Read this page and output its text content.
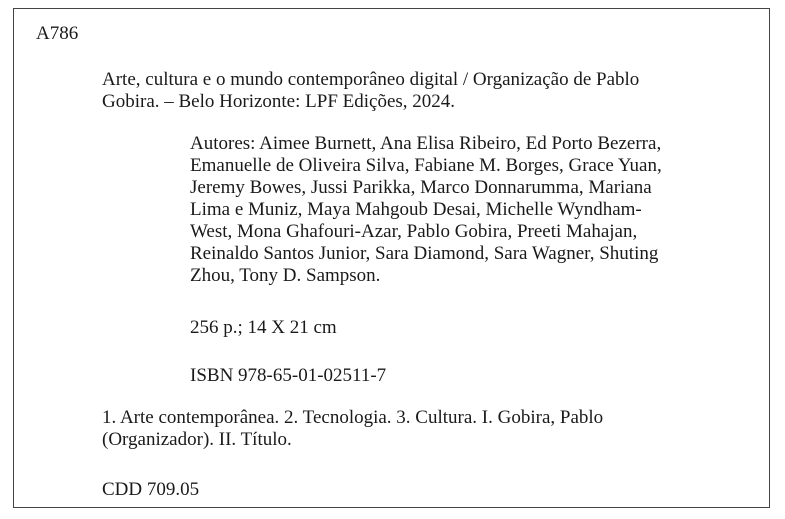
A786
Arte, cultura e o mundo contemporâneo digital / Organização de Pablo
Gobira. – Belo Horizonte: LPF Edições, 2024.
Autores: Aimee Burnett, Ana Elisa Ribeiro, Ed Porto Bezerra,
Emanuelle de Oliveira Silva, Fabiane M. Borges, Grace Yuan,
Jeremy Bowes, Jussi Parikka, Marco Donnarumma, Mariana
Lima e Muniz, Maya Mahgoub Desai, Michelle Wyndham-
West, Mona Ghafouri-Azar, Pablo Gobira, Preeti Mahajan,
Reinaldo Santos Junior, Sara Diamond, Sara Wagner, Shuting
Zhou, Tony D. Sampson.
256 p.; 14 X 21 cm
ISBN 978-65-01-02511-7
1. Arte contemporânea. 2. Tecnologia. 3. Cultura. I. Gobira, Pablo
(Organizador). II. Título.
CDD 709.05
